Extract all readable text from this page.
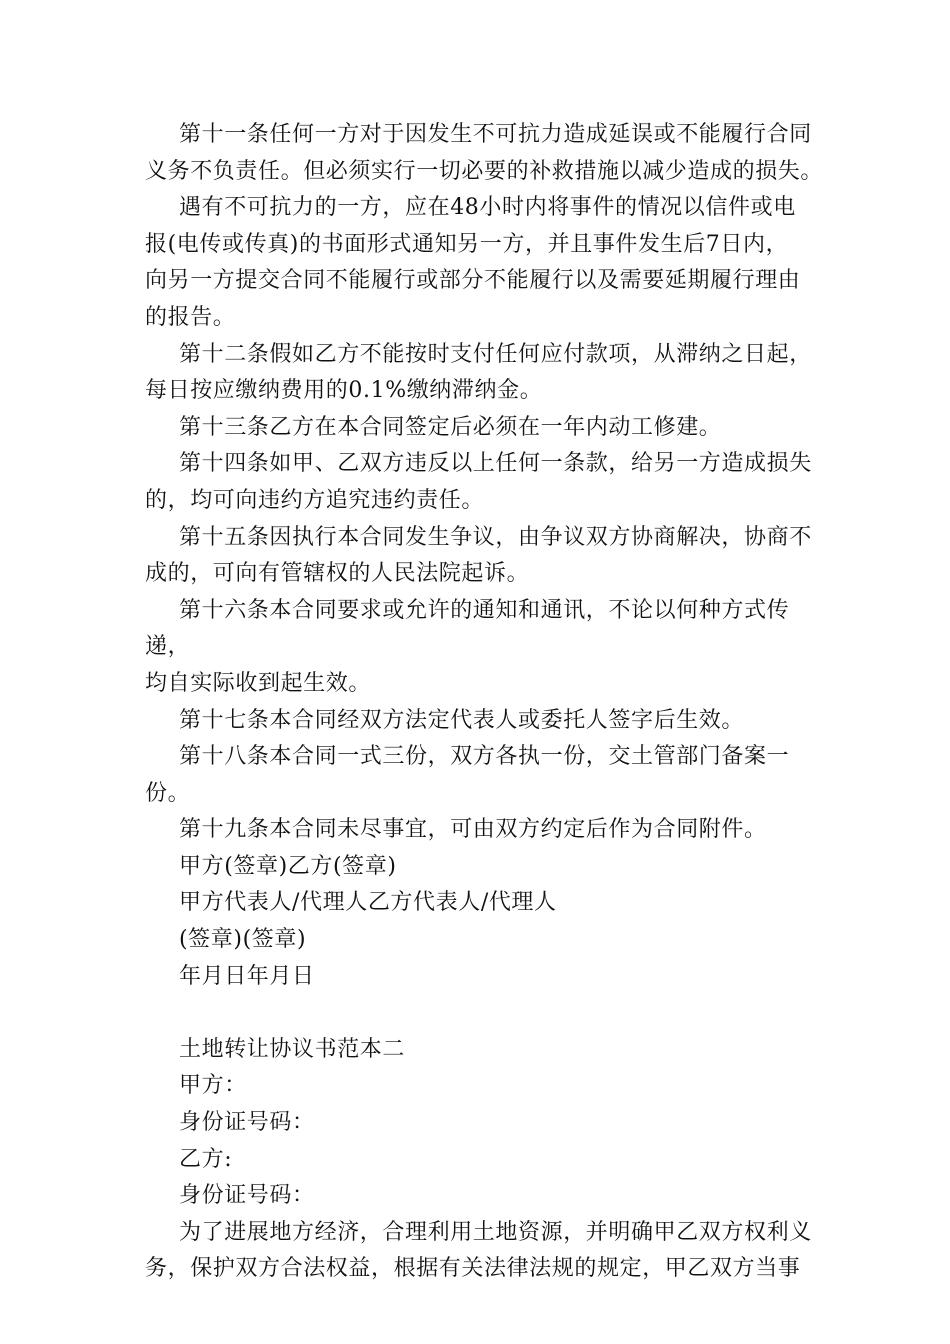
第十一条任何一方对于因发生不可抗力造成延误或不能履行合同义务不负责任。但必须实行一切必要的补救措施以减少造成的损失。

遇有不可抗力的一方，应在48小时内将事件的情况以信件或电
报(电传或传真)的书面形式通知另一方，并且事件发生后7日内，
向另一方提交合同不能履行或部分不能履行以及需要延期履行理由
的报告。

第十二条假如乙方不能按时支付任何应付款项，从滞纳之日起，
每日按应缴纳费用的0.1%缴纳滞纳金。

第十三条乙方在本合同签定后必须在一年内动工修建。

第十四条如甲、乙双方违反以上任何一条款，给另一方造成损失
的，均可向违约方追究违约责任。

第十五条因执行本合同发生争议，由争议双方协商解决，协商不
成的，可向有管辖权的人民法院起诉。

第十六条本合同要求或允许的通知和通讯，不论以何种方式传递，
均自实际收到起生效。

第十七条本合同经双方法定代表人或委托人签字后生效。

第十八条本合同一式三份，双方各执一份，交土管部门备案一份。

第十九条本合同未尽事宜，可由双方约定后作为合同附件。

甲方(签章)乙方(签章)

甲方代表人/代理人乙方代表人/代理人

(签章)(签章)

年月日年月日

土地转让协议书范本二

甲方：

身份证号码：

乙方:

身份证号码：

为了进展地方经济，合理利用土地资源，并明确甲乙双方权利义
务，保护双方合法权益，根据有关法律法规的规定，甲乙双方当事
